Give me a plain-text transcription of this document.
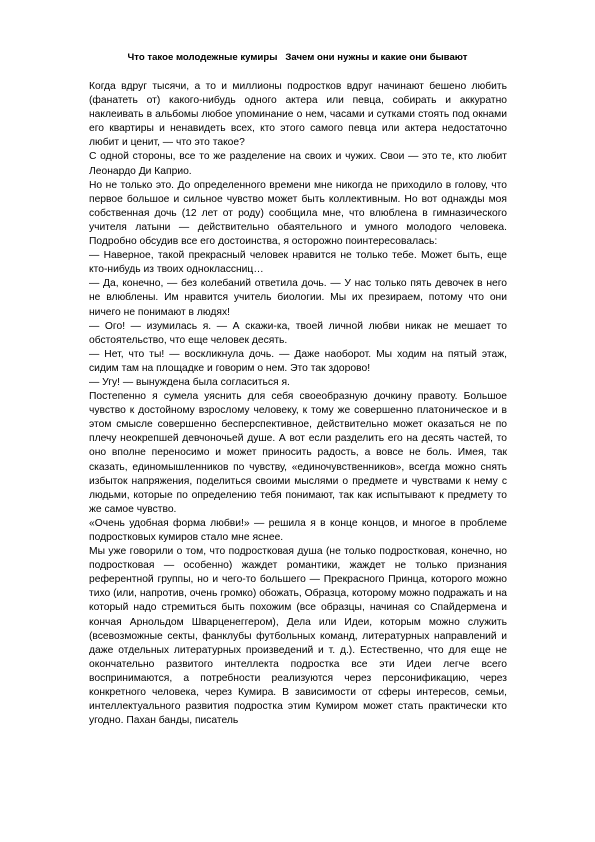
Что такое молодежные кумиры   Зачем они нужны и какие они бывают

Когда вдруг тысячи, а то и миллионы подростков вдруг начинают бешено любить (фанатеть от) какого-нибудь одного актера или певца, собирать и аккуратно наклеивать в альбомы любое упоминание о нем, часами и сутками стоять под окнами его квартиры и ненавидеть всех, кто этого самого певца или актера недостаточно любит и ценит, — что это такое?

С одной стороны, все то же разделение на своих и чужих. Свои — это те, кто любит Леонардо Ди Каприо.

Но не только это. До определенного времени мне никогда не приходило в голову, что первое большое и сильное чувство может быть коллективным. Но вот однажды моя собственная дочь (12 лет от роду) сообщила мне, что влюблена в гимназического учителя латыни — действительно обаятельного и умного молодого человека. Подробно обсудив все его достоинства, я осторожно поинтересовалась:

— Наверное, такой прекрасный человек нравится не только тебе. Может быть, еще кто-нибудь из твоих одноклассниц…

— Да, конечно, — без колебаний ответила дочь. — У нас только пять девочек в него не влюблены. Им нравится учитель биологии. Мы их презираем, потому что они ничего не понимают в людях!

— Ого! — изумилась я. — А скажи-ка, твоей личной любви никак не мешает то обстоятельство, что еще человек десять.

— Нет, что ты! — воскликнула дочь. — Даже наоборот. Мы ходим на пятый этаж, сидим там на площадке и говорим о нем. Это так здорово!

— Угу! — вынуждена была согласиться я.

Постепенно я сумела уяснить для себя своеобразную дочкину правоту. Большое чувство к достойному взрослому человеку, к тому же совершенно платоническое и в этом смысле совершенно бесперспективное, действительно может оказаться не по плечу неокрепшей девчоночьей душе. А вот если разделить его на десять частей, то оно вполне переносимо и может приносить радость, а вовсе не боль. Имея, так сказать, единомышленников по чувству, «единочувственников», всегда можно снять избыток напряжения, поделиться своими мыслями о предмете и чувствами к нему с людьми, которые по определению тебя понимают, так как испытывают к предмету то же самое чувство.

«Очень удобная форма любви!» — решила я в конце концов, и многое в проблеме подростковых кумиров стало мне яснее.

Мы уже говорили о том, что подростковая душа (не только подростковая, конечно, но подростковая — особенно) жаждет романтики, жаждет не только признания референтной группы, но и чего-то большего — Прекрасного Принца, которого можно тихо (или, напротив, очень громко) обожать, Образца, которому можно подражать и на который надо стремиться быть похожим (все образцы, начиная со Спайдермена и кончая Арнольдом Шварценеггером), Дела или Идеи, которым можно служить (всевозможные секты, фанклубы футбольных команд, литературных направлений и даже отдельных литературных произведений и т. д.). Естественно, что для еще не окончательно развитого интеллекта подростка все эти Идеи легче всего воспринимаются, а потребности реализуются через персонификацию, через конкретного человека, через Кумира. В зависимости от сферы интересов, семьи, интеллектуального развития подростка этим Кумиром может стать практически кто угодно. Пахан банды, писатель
